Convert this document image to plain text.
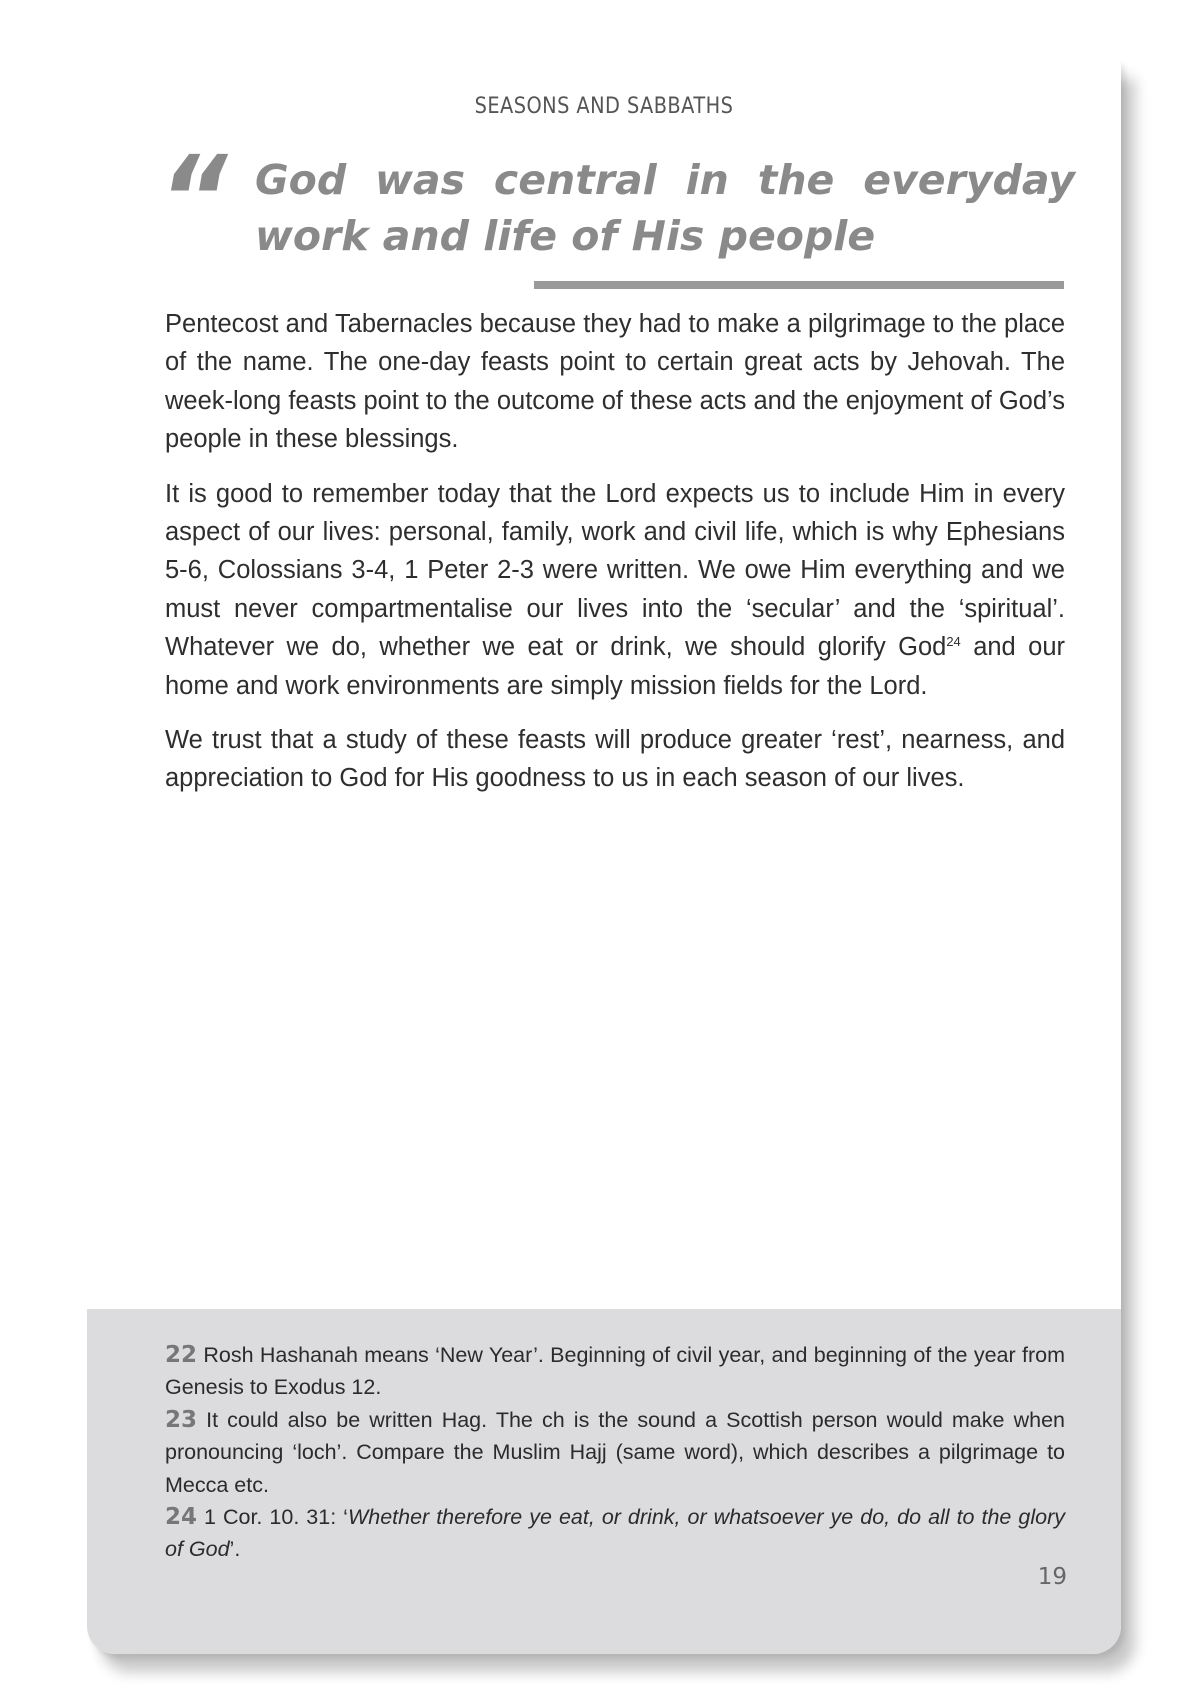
SEASONS AND SABBATHS
“ God was central in the everyday work and life of His people

Pentecost and Tabernacles because they had to make a pilgrimage to the place of the name. The one-day feasts point to certain great acts by Jehovah. The week-long feasts point to the outcome of these acts and the enjoyment of God’s people in these blessings.

It is good to remember today that the Lord expects us to include Him in every aspect of our lives: personal, family, work and civil life, which is why Ephesians 5-6, Colossians 3-4, 1 Peter 2-3 were written. We owe Him everything and we must never compartmentalise our lives into the ‘secular’ and the ‘spiritual’. Whatever we do, whether we eat or drink, we should glorify God$^{24}$ and our home and work environments are simply mission fields for the Lord.

We trust that a study of these feasts will produce greater ‘rest’, nearness, and appreciation to God for His goodness to us in each season of our lives.

22 Rosh Hashanah means ‘New Year’. Beginning of civil year, and beginning of the year from Genesis to Exodus 12.

23 It could also be written Hag. The ch is the sound a Scottish person would make when pronouncing ‘loch’. Compare the Muslim Hajj (same word), which describes a pilgrimage to Mecca etc.

24 1 Cor. 10. 31: ‘Whether therefore ye eat, or drink, or whatsoever ye do, do all to the glory of God’.

19
